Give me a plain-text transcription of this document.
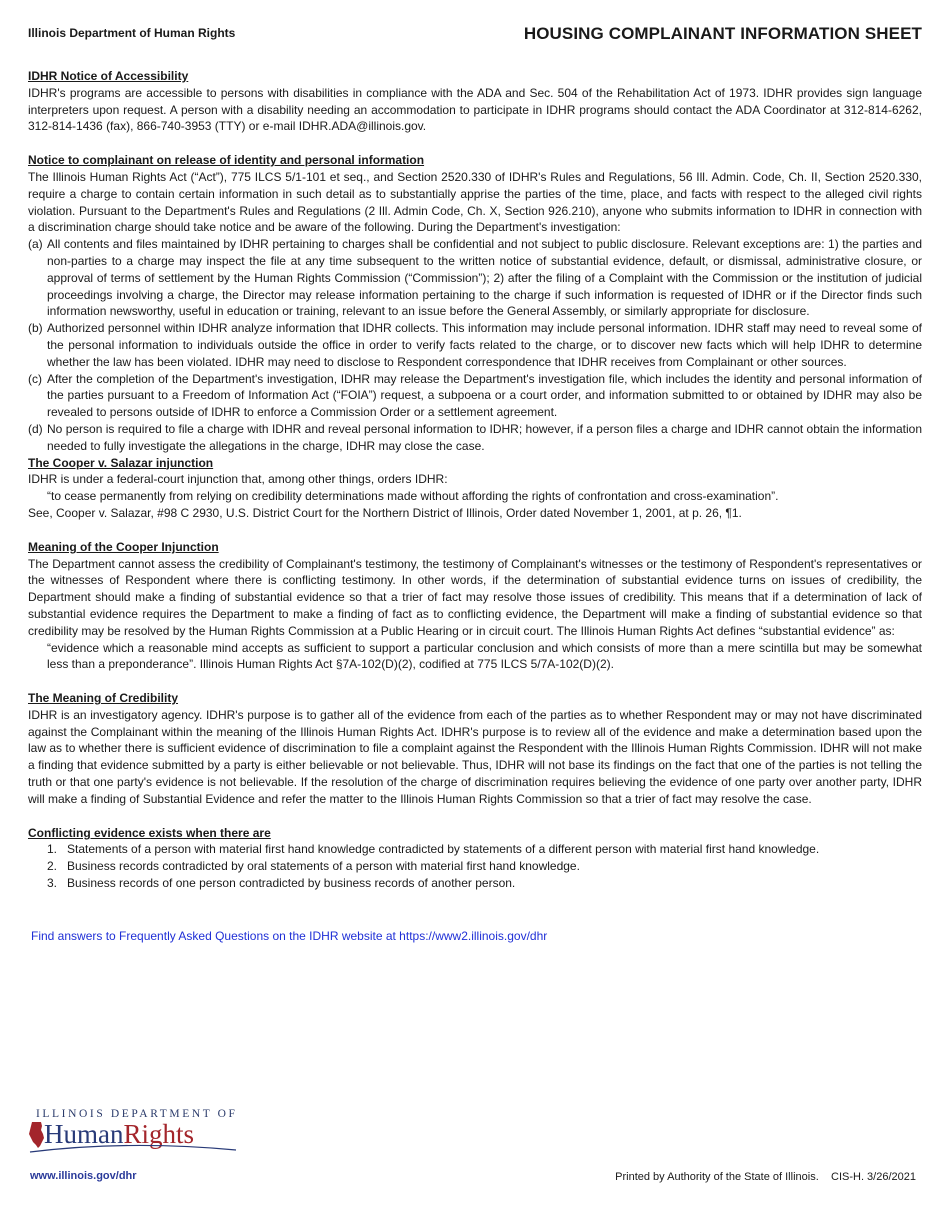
Illinois Department of Human Rights	HOUSING COMPLAINANT INFORMATION SHEET
IDHR Notice of Accessibility

IDHR's programs are accessible to persons with disabilities in compliance with the ADA and Sec. 504 of the Rehabilitation Act of 1973. IDHR provides sign language interpreters upon request. A person with a disability needing an accommodation to participate in IDHR programs should contact the ADA Coordinator at 312-814-6262, 312-814-1436 (fax), 866-740-3953 (TTY) or e-mail IDHR.ADA@illinois.gov.

Notice to complainant on release of identity and personal information

The Illinois Human Rights Act (“Act”), 775 ILCS 5/1-101 et seq., and Section 2520.330 of IDHR's Rules and Regulations, 56 Ill. Admin. Code, Ch. II, Section 2520.330, require a charge to contain certain information in such detail as to substantially apprise the parties of the time, place, and facts with respect to the alleged civil rights violation. Pursuant to the Department's Rules and Regulations (2 Ill. Admin Code, Ch. X, Section 926.210), anyone who submits information to IDHR in connection with a discrimination charge should take notice and be aware of the following. During the Department's investigation:

(a) All contents and files maintained by IDHR pertaining to charges shall be confidential and not subject to public disclosure. Relevant exceptions are: 1) the parties and non-parties to a charge may inspect the file at any time subsequent to the written notice of substantial evidence, default, or dismissal, administrative closure, or approval of terms of settlement by the Human Rights Commission (“Commission”); 2) after the filing of a Complaint with the Commission or the institution of judicial proceedings involving a charge, the Director may release information pertaining to the charge if such information is requested of IDHR or if the Director finds such information newsworthy, useful in education or training, relevant to an issue before the General Assembly, or similarly appropriate for disclosure.
(b) Authorized personnel within IDHR analyze information that IDHR collects. This information may include personal information. IDHR staff may need to reveal some of the personal information to individuals outside the office in order to verify facts related to the charge, or to discover new facts which will help IDHR to determine whether the law has been violated. IDHR may need to disclose to Respondent correspondence that IDHR receives from Complainant or other sources.
(c) After the completion of the Department's investigation, IDHR may release the Department's investigation file, which includes the identity and personal information of the parties pursuant to a Freedom of Information Act (“FOIA”) request, a subpoena or a court order, and information submitted to or obtained by IDHR may also be revealed to persons outside of IDHR to enforce a Commission Order or a settlement agreement.
(d) No person is required to file a charge with IDHR and reveal personal information to IDHR; however, if a person files a charge and IDHR cannot obtain the information needed to fully investigate the allegations in the charge, IDHR may close the case.
The Cooper v. Salazar injunction

IDHR is under a federal-court injunction that, among other things, orders IDHR:

“to cease permanently from relying on credibility determinations made without affording the rights of confrontation and cross-examination”.

See, Cooper v. Salazar, #98 C 2930, U.S. District Court for the Northern District of Illinois, Order dated November 1, 2001, at p. 26, ¶1.

Meaning of the Cooper Injunction

The Department cannot assess the credibility of Complainant's testimony, the testimony of Complainant's witnesses or the testimony of Respondent's representatives or the witnesses of Respondent where there is conflicting testimony. In other words, if the determination of substantial evidence turns on issues of credibility, the Department should make a finding of substantial evidence so that a trier of fact may resolve those issues of credibility. This means that if a determination of lack of substantial evidence requires the Department to make a finding of fact as to conflicting evidence, the Department will make a finding of substantial evidence so that credibility may be resolved by the Human Rights Commission at a Public Hearing or in circuit court. The Illinois Human Rights Act defines “substantial evidence” as:

“evidence which a reasonable mind accepts as sufficient to support a particular conclusion and which consists of more than a mere scintilla but may be somewhat less than a preponderance”. Illinois Human Rights Act §7A-102(D)(2), codified at 775 ILCS 5/7A-102(D)(2).

The Meaning of Credibility

IDHR is an investigatory agency. IDHR's purpose is to gather all of the evidence from each of the parties as to whether Respondent may or may not have discriminated against the Complainant within the meaning of the Illinois Human Rights Act. IDHR's purpose is to review all of the evidence and make a determination based upon the law as to whether there is sufficient evidence of discrimination to file a complaint against the Respondent with the Illinois Human Rights Commission. IDHR will not make a finding that evidence submitted by a party is either believable or not believable. Thus, IDHR will not base its findings on the fact that one of the parties is not telling the truth or that one party's evidence is not believable. If the resolution of the charge of discrimination requires believing the evidence of one party over another party, IDHR will make a finding of Substantial Evidence and refer the matter to the Illinois Human Rights Commission so that a trier of fact may resolve the case.

Conflicting evidence exists when there are
1. Statements of a person with material first hand knowledge contradicted by statements of a different person with material first hand knowledge.
2. Business records contradicted by oral statements of a person with material first hand knowledge.
3. Business records of one person contradicted by business records of another person.
Find answers to Frequently Asked Questions on the IDHR website at https://www2.illinois.gov/dhr
ILLINOIS DEPARTMENT OF
HumanRights
www.illinois.gov/dhr	Printed by Authority of the State of Illinois. CIS-H. 3/26/2021
